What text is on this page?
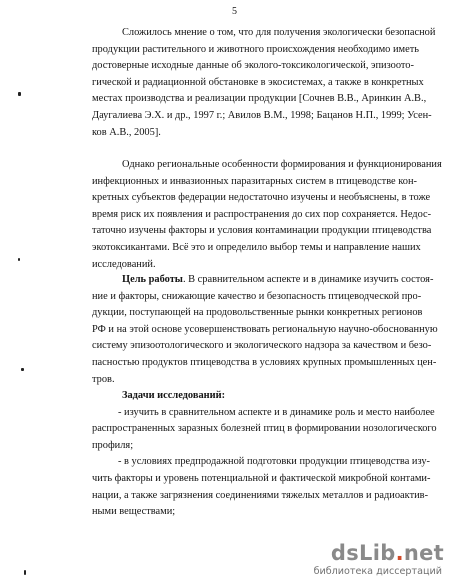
5
Сложилось мнение о том, что для получения экологически безопасной
продукции растительного и животного происхождения необходимо иметь
достоверные исходные данные об эколого-токсикологической, эпизоото-
гической и радиационной обстановке в экосистемах, а также в конкретных
местах производства и реализации продукции [Сочнев В.В., Аринкин А.В.,
Даугалиева Э.Х. и др., 1997 г.; Авилов В.М., 1998; Бацанов Н.П., 1999; Усен-
ков А.В., 2005].
Однако региональные особенности формирования и функционирования
инфекционных и инвазионных паразитарных систем в птицеводстве кон-
кретных субъектов федерации недостаточно изучены и необъяснены, в тоже
время риск их появления и распространения до сих пор сохраняется. Недос-
таточно изучены факторы и условия контаминации продукции птицеводства
экотоксикантами. Всё это и определило выбор темы и направление наших
исследований.
Цель работы. В сравнительном аспекте и в динамике изучить состоя-
ние и факторы, снижающие качество и безопасность птицеводческой про-
дукции, поступающей на продовольственные рынки конкретных регионов
РФ и на этой основе усовершенствовать региональную научно-обоснованную
систему эпизоотологического и экологического надзора за качеством и безо-
пасностью продуктов птицеводства в условиях крупных промышленных цен-
тров.
Задачи исследований:
- изучить в сравнительном аспекте и в динамике роль и место наиболее
распространенных заразных болезней птиц в формировании нозологического
профиля;
- в условиях предпродажной подготовки продукции птицеводства изу-
чить факторы и уровень потенциальной и фактической микробной контами-
нации, а также загрязнения соединениями тяжелых металлов и радиоактив-
ными веществами;
dsLib.net
библиотека диссертаций
